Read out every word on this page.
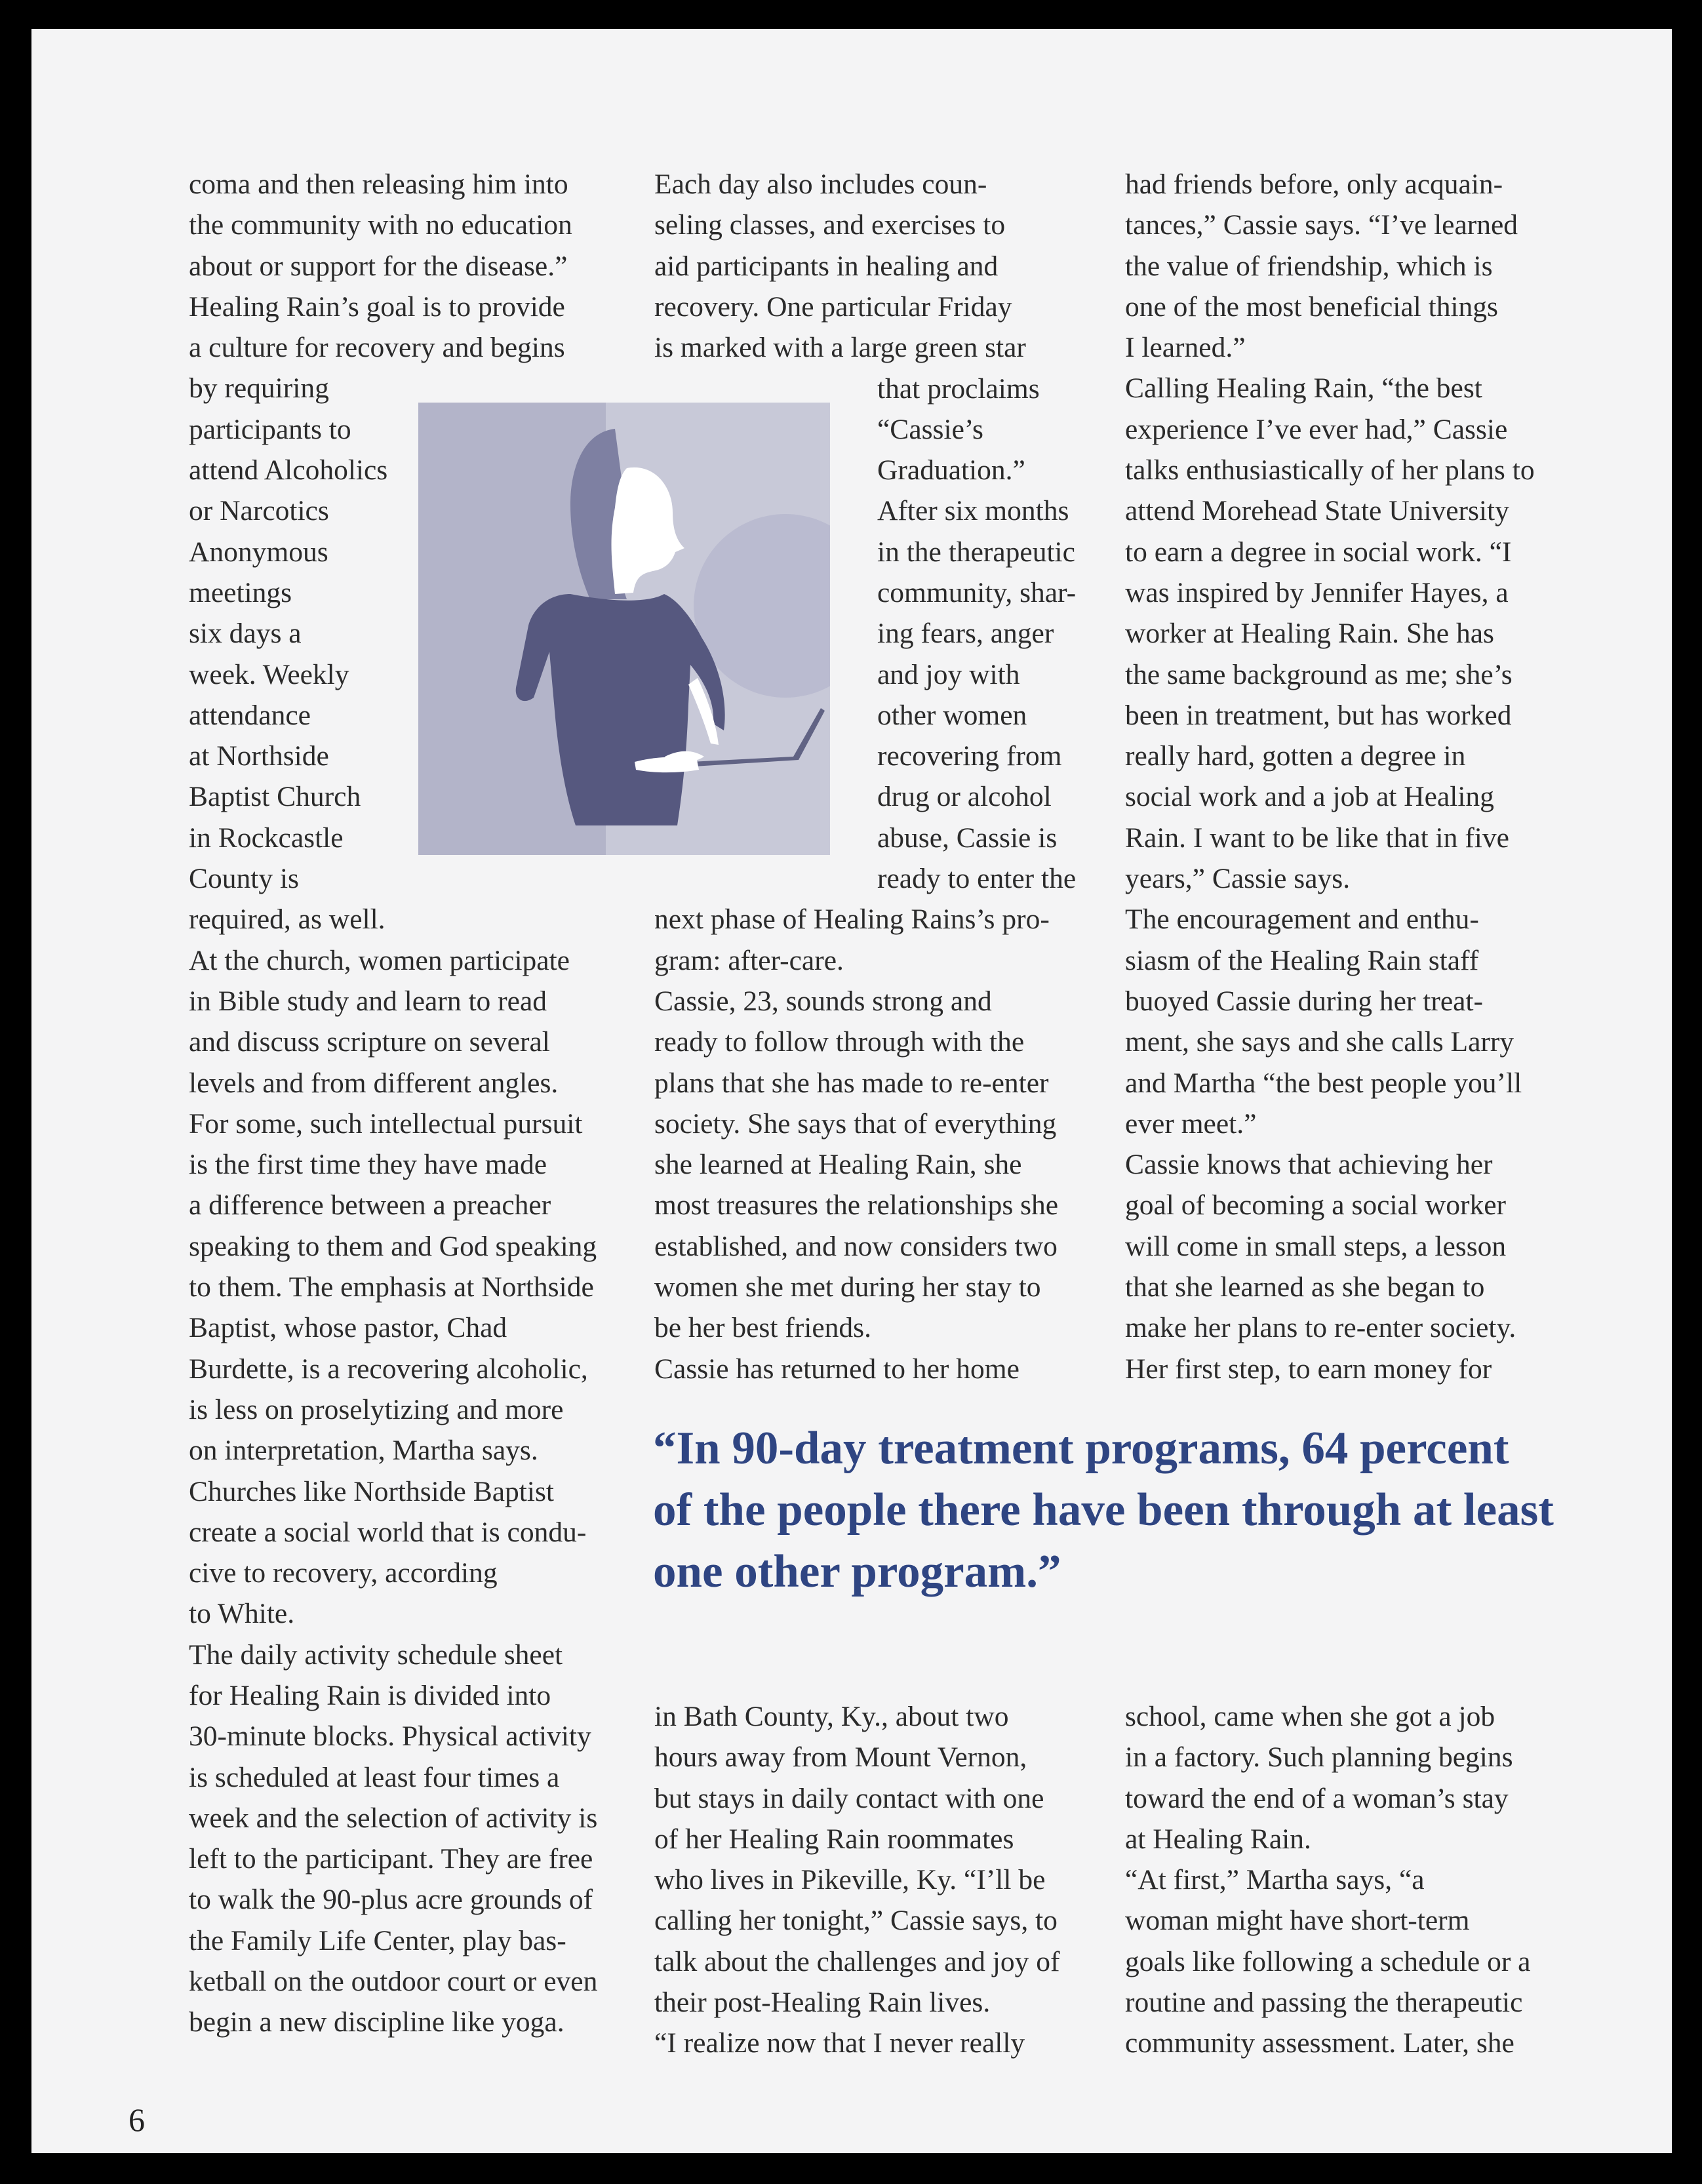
coma and then releasing him into
the community with no education
about or support for the disease.”
Healing Rain’s goal is to provide
a culture for recovery and begins
by requiring
participants to
attend Alcoholics
or Narcotics
Anonymous
meetings
six days a
week. Weekly
attendance
at Northside
Baptist Church
in Rockcastle
County is
required, as well.
At the church, women participate
in Bible study and learn to read
and discuss scripture on several
levels and from different angles.
For some, such intellectual pursuit
is the first time they have made
a difference between a preacher
speaking to them and God speaking
to them. The emphasis at Northside
Baptist, whose pastor, Chad
Burdette, is a recovering alcoholic,
is less on proselytizing and more
on interpretation, Martha says.
Churches like Northside Baptist
create a social world that is condu-
cive to recovery, according
to White.
The daily activity schedule sheet
for Healing Rain is divided into
30-minute blocks. Physical activity
is scheduled at least four times a
week and the selection of activity is
left to the participant. They are free
to walk the 90-plus acre grounds of
the Family Life Center, play bas-
ketball on the outdoor court or even
begin a new discipline like yoga.
Each day also includes coun-
seling classes, and exercises to
aid participants in healing and
recovery. One particular Friday
is marked with a large green star
that proclaims
“Cassie’s
Graduation.”
After six months
in the therapeutic
community, shar-
ing fears, anger
and joy with
other women
recovering from
drug or alcohol
abuse, Cassie is
ready to enter the
next phase of Healing Rains’s pro-
gram: after-care.
Cassie, 23, sounds strong and
ready to follow through with the
plans that she has made to re-enter
society. She says that of everything
she learned at Healing Rain, she
most treasures the relationships she
established, and now considers two
women she met during her stay to
be her best friends.
Cassie has returned to her home
in Bath County, Ky., about two
hours away from Mount Vernon,
but stays in daily contact with one
of her Healing Rain roommates
who lives in Pikeville, Ky. “I’ll be
calling her tonight,” Cassie says, to
talk about the challenges and joy of
their post-Healing Rain lives.
“I realize now that I never really
had friends before, only acquain-
tances,” Cassie says. “I’ve learned
the value of friendship, which is
one of the most beneficial things
I learned.”
Calling Healing Rain, “the best
experience I’ve ever had,” Cassie
talks enthusiastically of her plans to
attend Morehead State University
to earn a degree in social work. “I
was inspired by Jennifer Hayes, a
worker at Healing Rain. She has
the same background as me; she’s
been in treatment, but has worked
really hard, gotten a degree in
social work and a job at Healing
Rain. I want to be like that in five
years,” Cassie says.
The encouragement and enthu-
siasm of the Healing Rain staff
buoyed Cassie during her treat-
ment, she says and she calls Larry
and Martha “the best people you’ll
ever meet.”
Cassie knows that achieving her
goal of becoming a social worker
will come in small steps, a lesson
that she learned as she began to
make her plans to re-enter society.
Her first step, to earn money for
school, came when she got a job
in a factory. Such planning begins
toward the end of a woman’s stay
at Healing Rain.
“At first,” Martha says, “a
woman might have short-term
goals like following a schedule or a
routine and passing the therapeutic
community assessment. Later, she
“In 90-day treatment programs, 64 percent
of the people there have been through at least
one other program.”
6
